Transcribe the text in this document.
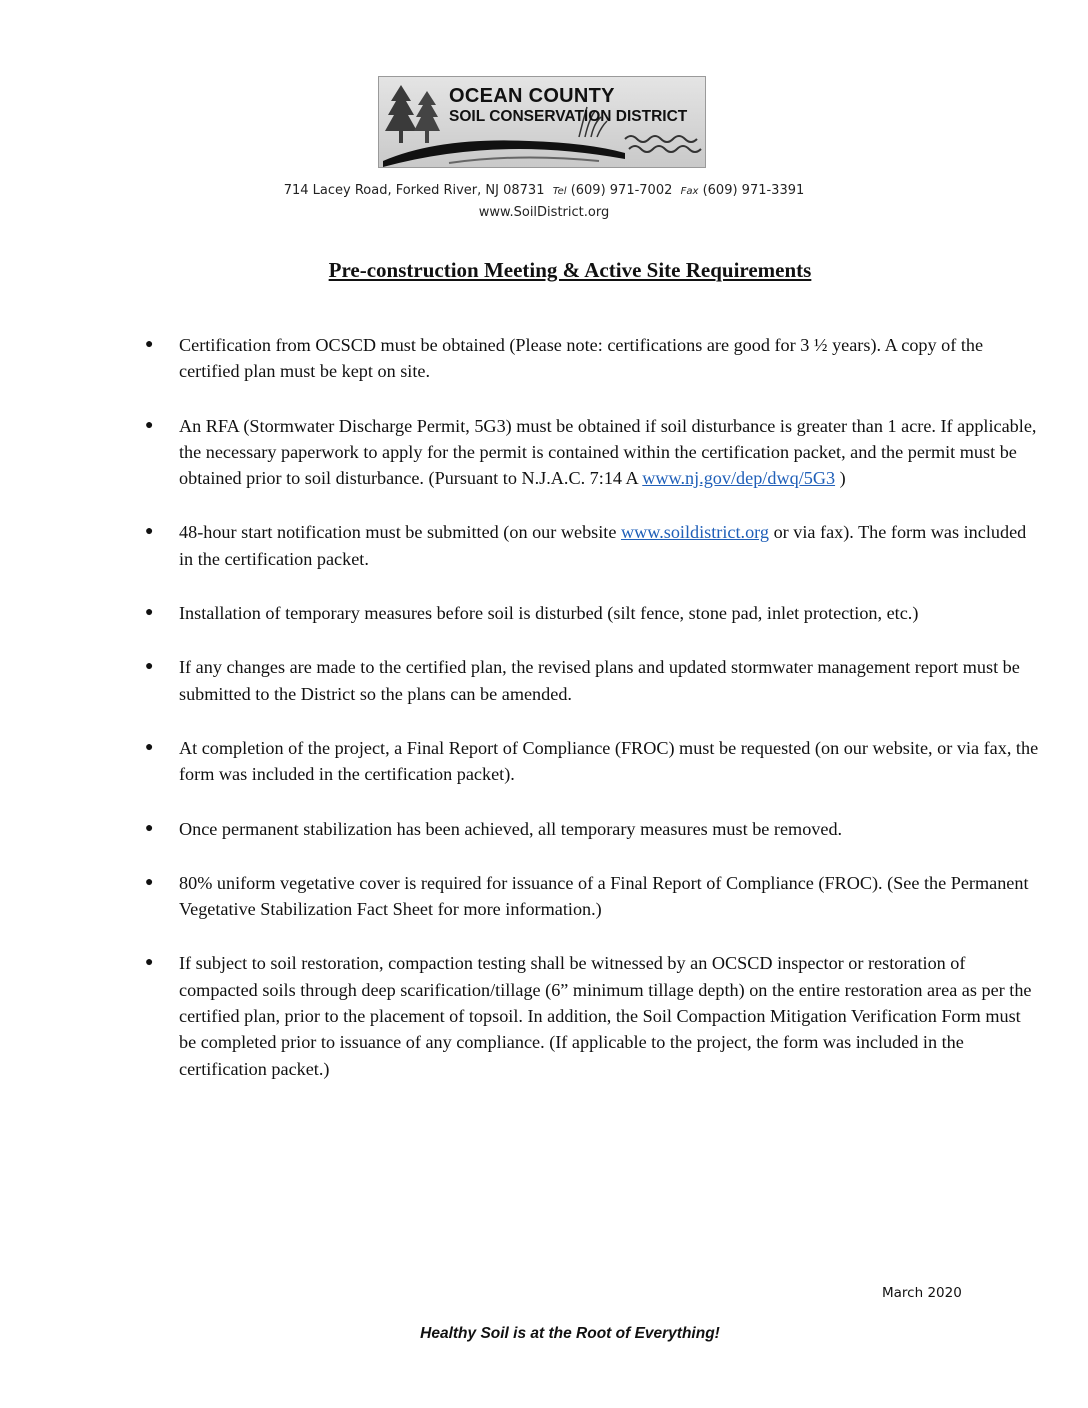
OCEAN COUNTY
SOIL CONSERVATION DISTRICT
714 Lacey Road, Forked River, NJ 08731 Tel (609) 971-7002 Fax (609) 971-3391
www.SoilDistrict.org
Pre-construction Meeting & Active Site Requirements
● Certification from OCSCD must be obtained (Please note: certifications are good for 3 ½ years). A copy of the certified plan must be kept on site.
● An RFA (Stormwater Discharge Permit, 5G3) must be obtained if soil disturbance is greater than 1 acre. If applicable, the necessary paperwork to apply for the permit is contained within the certification packet, and the permit must be obtained prior to soil disturbance. (Pursuant to N.J.A.C. 7:14 A www.nj.gov/dep/dwq/5G3 )
● 48-hour start notification must be submitted (on our website www.soildistrict.org or via fax). The form was included in the certification packet.
● Installation of temporary measures before soil is disturbed (silt fence, stone pad, inlet protection, etc.)
● If any changes are made to the certified plan, the revised plans and updated stormwater management report must be submitted to the District so the plans can be amended.
● At completion of the project, a Final Report of Compliance (FROC) must be requested (on our website, or via fax, the form was included in the certification packet).
● Once permanent stabilization has been achieved, all temporary measures must be removed.
● 80% uniform vegetative cover is required for issuance of a Final Report of Compliance (FROC). (See the Permanent Vegetative Stabilization Fact Sheet for more information.)
● If subject to soil restoration, compaction testing shall be witnessed by an OCSCD inspector or restoration of compacted soils through deep scarification/tillage (6” minimum tillage depth) on the entire restoration area as per the certified plan, prior to the placement of topsoil. In addition, the Soil Compaction Mitigation Verification Form must be completed prior to issuance of any compliance. (If applicable to the project, the form was included in the certification packet.)
March 2020
Healthy Soil is at the Root of Everything!
